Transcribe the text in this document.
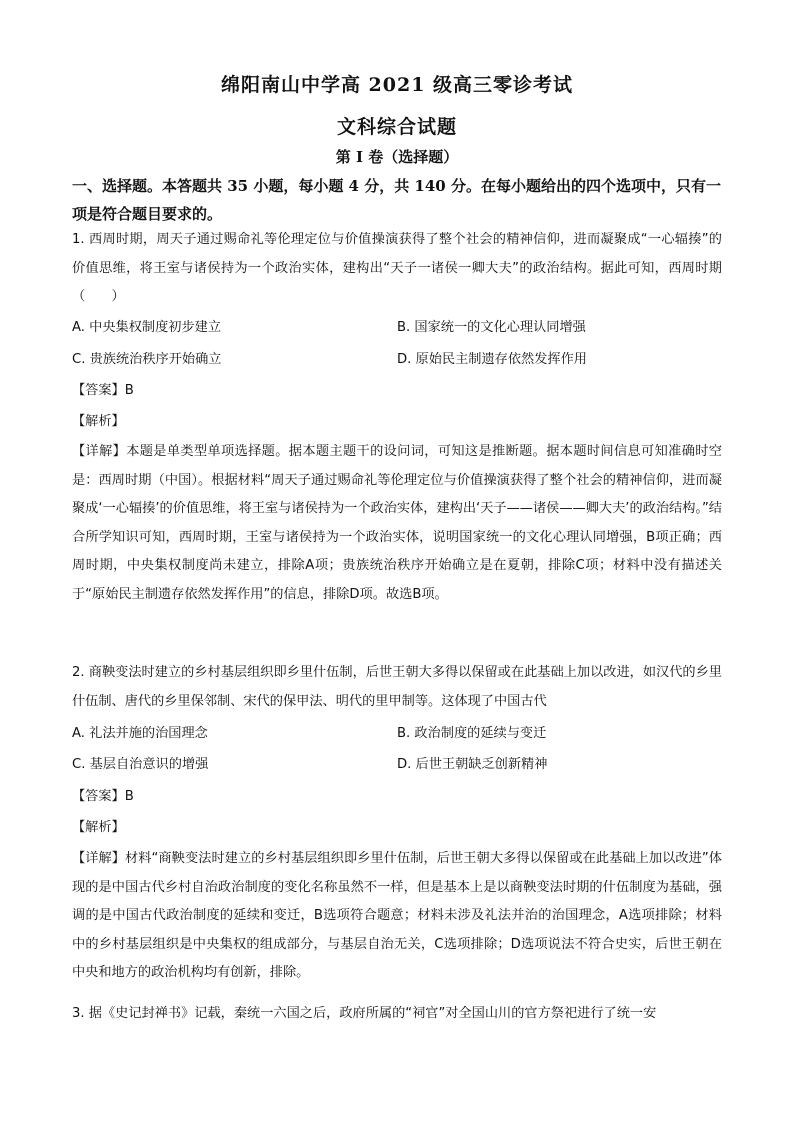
绵阳南山中学高 2021 级高三零诊考试
文科综合试题
第 I 卷（选择题）
一、选择题。本答题共 35 小题，每小题 4 分，共 140 分。在每小题给出的四个选项中，只有一项是符合题目要求的。
1. 西周时期，周天子通过赐命礼等伦理定位与价值操演获得了整个社会的精神信仰，进而凝聚成“一心辐揍”的价值思维，将王室与诸侯持为一个政治实体，建构出“天子一诸侯一卿大夫”的政治结构。据此可知，西周时期（　　）
A. 中央集权制度初步建立	B. 国家统一的文化心理认同增强
C. 贵族统治秩序开始确立	D. 原始民主制遗存依然发挥作用
【答案】B
【解析】
【详解】本题是单类型单项选择题。据本题主题干的设问词，可知这是推断题。据本题时间信息可知准确时空是：西周时期（中国）。根据材料“周天子通过赐命礼等伦理定位与价值操演获得了整个社会的精神信仰，进而凝聚成‘一心辐揍’的价值思维，将王室与诸侯持为一个政治实体，建构出‘天子——诸侯——卿大夫’的政治结构。”结合所学知识可知，西周时期，王室与诸侯持为一个政治实体，说明国家统一的文化心理认同增强，B项正确；西周时期，中央集权制度尚未建立，排除A项；贵族统治秩序开始确立是在夏朝，排除C项；材料中没有描述关于“原始民主制遗存依然发挥作用”的信息，排除D项。故选B项。
2. 商鞅变法时建立的乡村基层组织即乡里什伍制，后世王朝大多得以保留或在此基础上加以改进，如汉代的乡里什伍制、唐代的乡里保邻制、宋代的保甲法、明代的里甲制等。这体现了中国古代
A. 礼法并施的治国理念	B. 政治制度的延续与变迁
C. 基层自治意识的增强	D. 后世王朝缺乏创新精神
【答案】B
【解析】
【详解】材料“商鞅变法时建立的乡村基层组织即乡里什伍制，后世王朝大多得以保留或在此基础上加以改进”体现的是中国古代乡村自治政治制度的变化名称虽然不一样，但是基本上是以商鞅变法时期的什伍制度为基础，强调的是中国古代政治制度的延续和变迁，B选项符合题意；材料未涉及礼法并治的治国理念，A选项排除；材料中的乡村基层组织是中央集权的组成部分，与基层自治无关，C选项排除；D选项说法不符合史实，后世王朝在中央和地方的政治机构均有创新，排除。
3. 据《史记封禅书》记载，秦统一六国之后，政府所属的“祠官”对全国山川的官方祭祀进行了统一安
